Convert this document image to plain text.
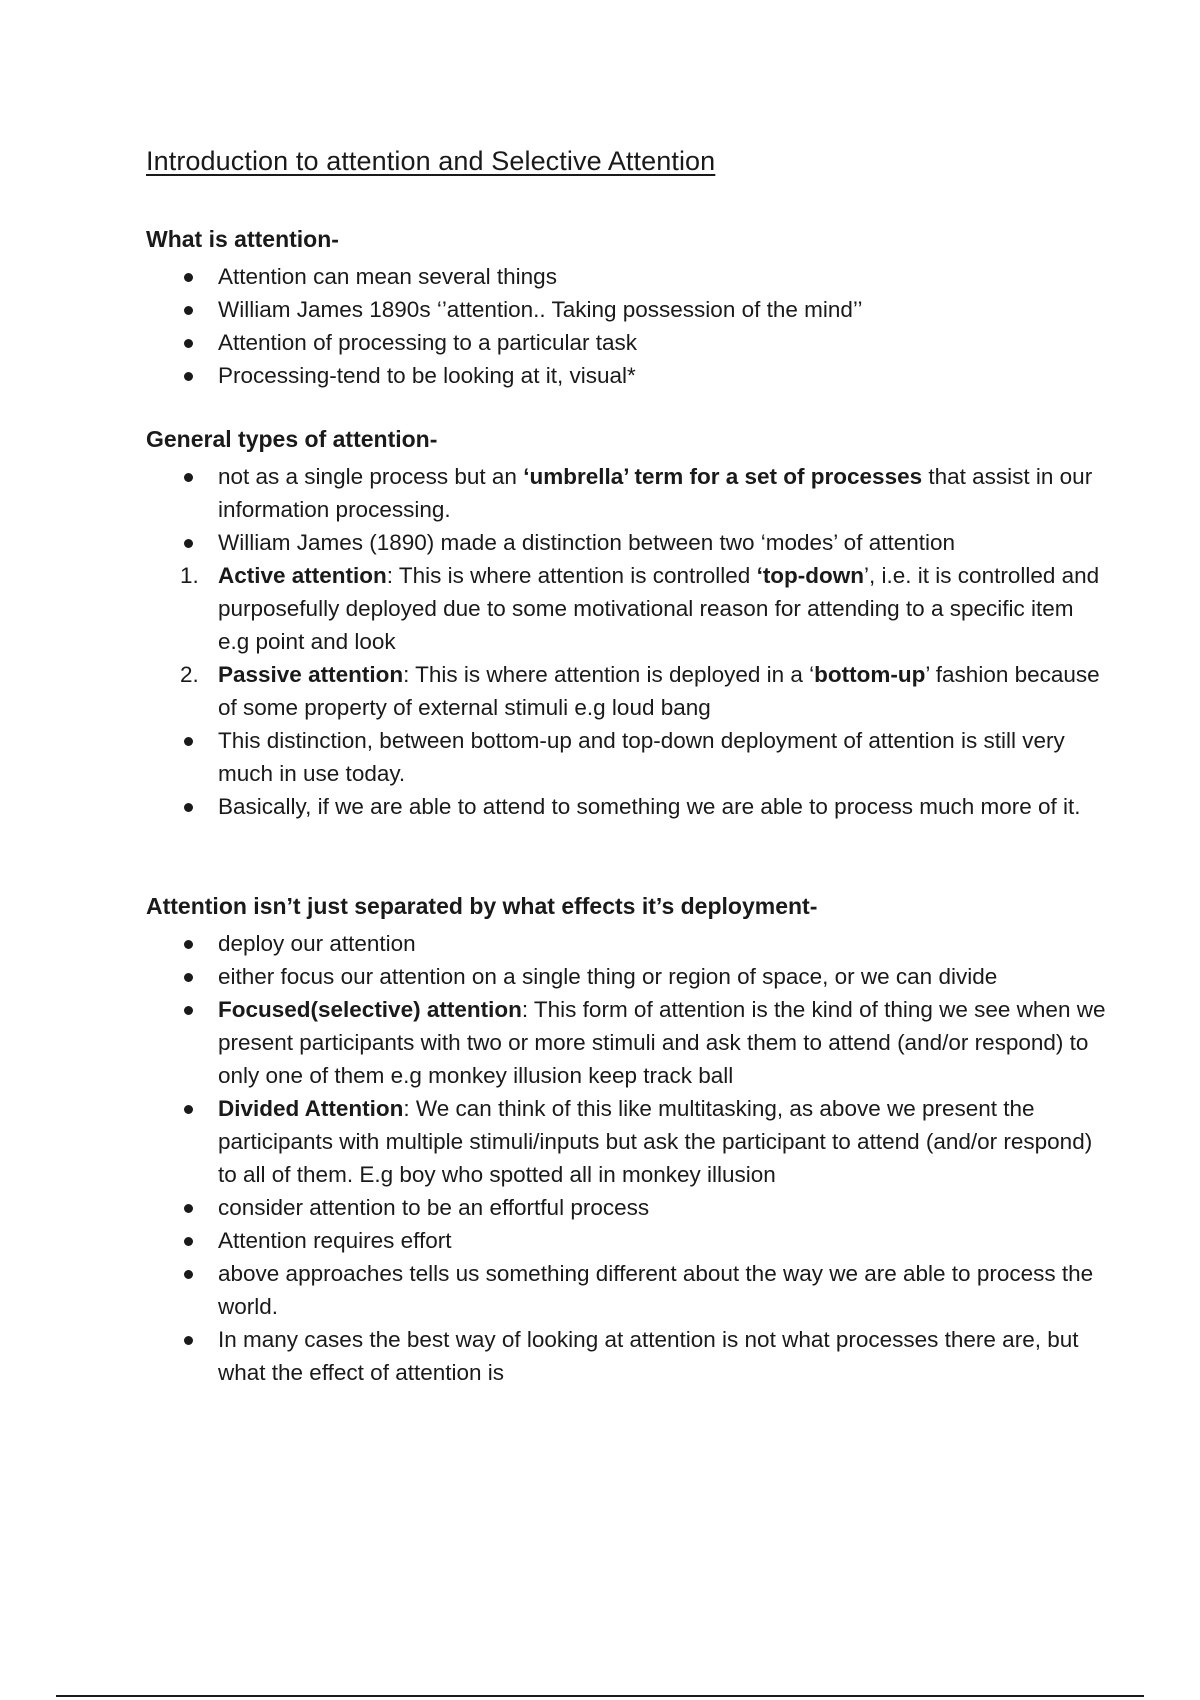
Introduction to attention and Selective Attention
What is attention-
Attention can mean several things
William James 1890s ‘’attention.. Taking possession of the mind’’
Attention of processing to a particular task
Processing-tend to be looking at it, visual*
General types of attention-
not as a single process but an ‘umbrella’ term for a set of processes that assist in our information processing.
William James (1890) made a distinction between two ‘modes’ of attention
1. Active attention: This is where attention is controlled ‘top-down’, i.e. it is controlled and purposefully deployed due to some motivational reason for attending to a specific item e.g point and look
2. Passive attention: This is where attention is deployed in a ‘bottom-up’ fashion because of some property of external stimuli e.g loud bang
This distinction, between bottom-up and top-down deployment of attention is still very much in use today.
Basically, if we are able to attend to something we are able to process much more of it.
Attention isn’t just separated by what effects it’s deployment-
deploy our attention
either focus our attention on a single thing or region of space, or we can divide
Focused(selective) attention: This form of attention is the kind of thing we see when we present participants with two or more stimuli and ask them to attend (and/or respond) to only one of them e.g monkey illusion keep track ball
Divided Attention: We can think of this like multitasking, as above we present the participants with multiple stimuli/inputs but ask the participant to attend (and/or respond) to all of them. E.g boy who spotted all in monkey illusion
consider attention to be an effortful process
Attention requires effort
above approaches tells us something different about the way we are able to process the world.
In many cases the best way of looking at attention is not what processes there are, but what the effect of attention is
